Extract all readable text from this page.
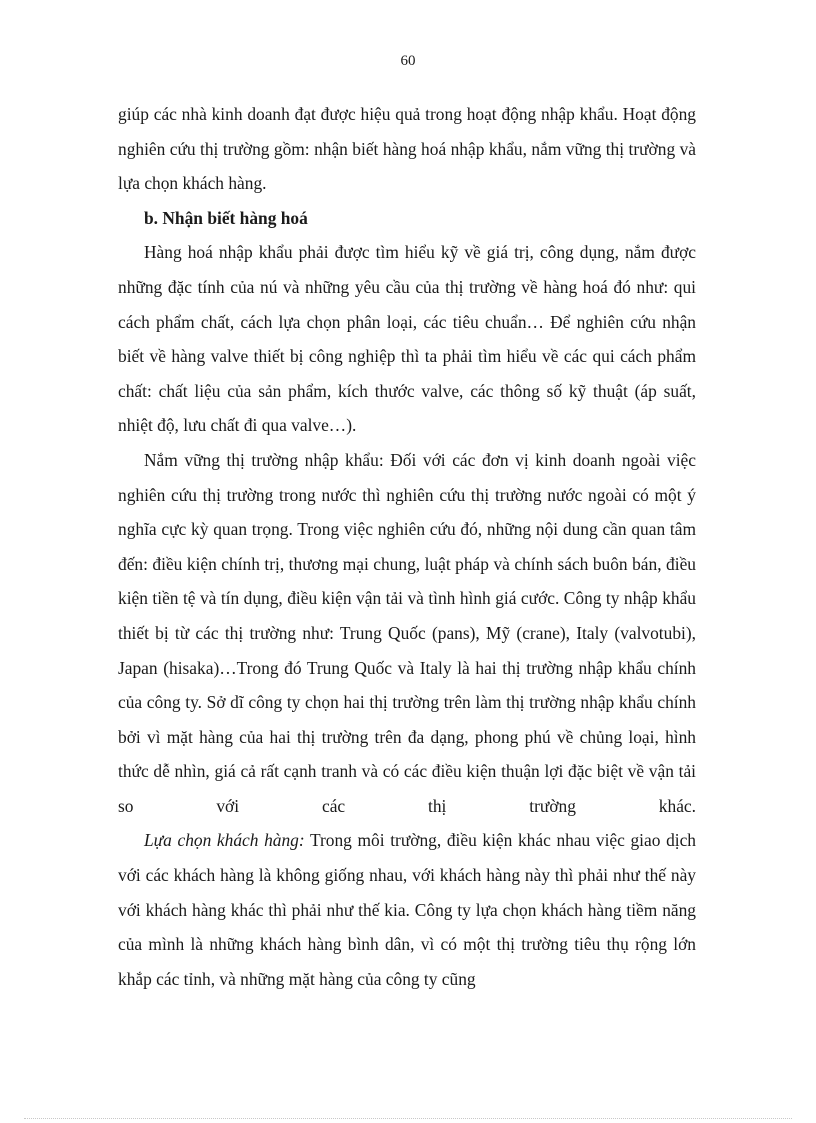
60

giúp các nhà kinh doanh đạt được hiệu quả trong hoạt động nhập khẩu. Hoạt động nghiên cứu thị trường gồm: nhận biết hàng hoá nhập khẩu, nắm vững thị trường và lựa chọn khách hàng.

b. Nhận biết hàng hoá

Hàng hoá nhập khẩu phải được tìm hiểu kỹ về giá trị, công dụng, nắm được những đặc tính của nú và những yêu cầu của thị trường về hàng hoá đó như: qui cách phẩm chất, cách lựa chọn phân loại, các tiêu chuẩn… Để nghiên cứu nhận biết về hàng valve thiết bị công nghiệp thì ta phải tìm hiểu về các qui cách phẩm chất: chất liệu của sản phẩm, kích thước valve, các thông số kỹ thuật (áp suất, nhiệt độ, lưu chất đi qua valve…).

Nắm vững thị trường nhập khẩu: Đối với các đơn vị kinh doanh ngoài việc nghiên cứu thị trường trong nước thì nghiên cứu thị trường nước ngoài có một ý nghĩa cực kỳ quan trọng. Trong việc nghiên cứu đó, những nội dung cần quan tâm đến: điều kiện chính trị, thương mại chung, luật pháp và chính sách buôn bán, điều kiện tiền tệ và tín dụng, điều kiện vận tải và tình hình giá cước. Công ty nhập khẩu thiết bị từ các thị trường như: Trung Quốc (pans), Mỹ (crane), Italy (valvotubi), Japan (hisaka)…Trong đó Trung Quốc và Italy là hai thị trường nhập khẩu chính của công ty. Sở dĩ công ty chọn hai thị trường trên làm thị trường nhập khẩu chính bởi vì mặt hàng của hai thị trường trên đa dạng, phong phú về chủng loại, hình thức dễ nhìn, giá cả rất cạnh tranh và có các điều kiện thuận lợi đặc biệt về vận tải so với các thị trường khác.

Lựa chọn khách hàng: Trong môi trường, điều kiện khác nhau việc giao dịch với các khách hàng là không giống nhau, với khách hàng này thì phải như thế này với khách hàng khác thì phải như thế kia. Công ty lựa chọn khách hàng tiềm năng của mình là những khách hàng bình dân, vì có một thị trường tiêu thụ rộng lớn khắp các tỉnh, và những mặt hàng của công ty cũng
